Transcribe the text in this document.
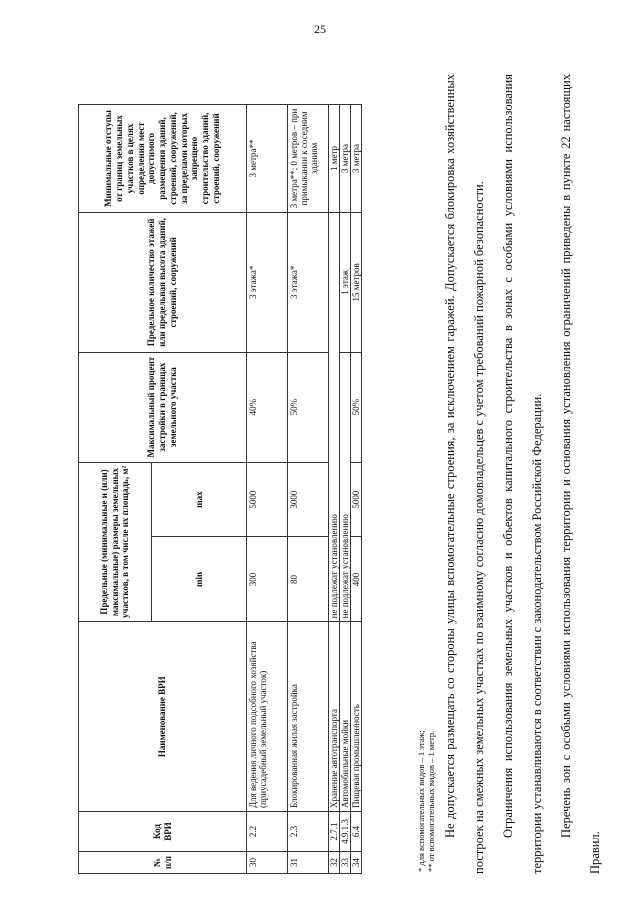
25
№ п/п	Код ВРИ	Наименование ВРИ	Предельные (минимальные и (или) максимальные) размеры земельных участков, в том числе их площадь, м²		Максимальный процент застройки в границах земельного участка	Предельное количество этажей или предельная высота зданий, строений, сооружений	Минимальные отступы от границ земельных участков в целях определения мест допустимого размещения зданий, строений, сооружений, за пределами которых запрещено строительство зданий, строений, сооружений
			min	max			
30	2.2	Для ведения личного подсобного хозяйства (приусадебный земельный участок)	300	5000	40%	3 этажа*	3 метра**
31	2.3	Блокированная жилая застройка	80	3000	50%	3 этажа*	3 метра**; 0 метров – при примыкании к соседним зданиям
32	2.7.1	Хранение автотранспорта	не подлежат установлению				1 метр
33	4.9.1.3	Автомобильные мойки	не подлежат установлению			1 этаж	3 метра
34	6.4	Пищевая промышленность	400	5000	50%	15 метров	3 метра
* для вспомогательных видов – 1 этаж; ** от вспомогательных видов – 1 метр. Не допускается размещать со стороны улицы вспомогательные строения, за исключением гаражей. Допускается блокировка хозяйственных построек на смежных земельных участках по взаимному согласию домовладельцев с учетом требований пожарной безопасности.	Ограничения использования земельных участков и объектов капитального строительства в зонах с особыми условиями использования территории устанавливаются в соответствии с законодательством Российской Федерации.	Перечень зон с особыми условиями использования территории и основания установления ограничений приведены в пункте 22 настоящих Правил.
